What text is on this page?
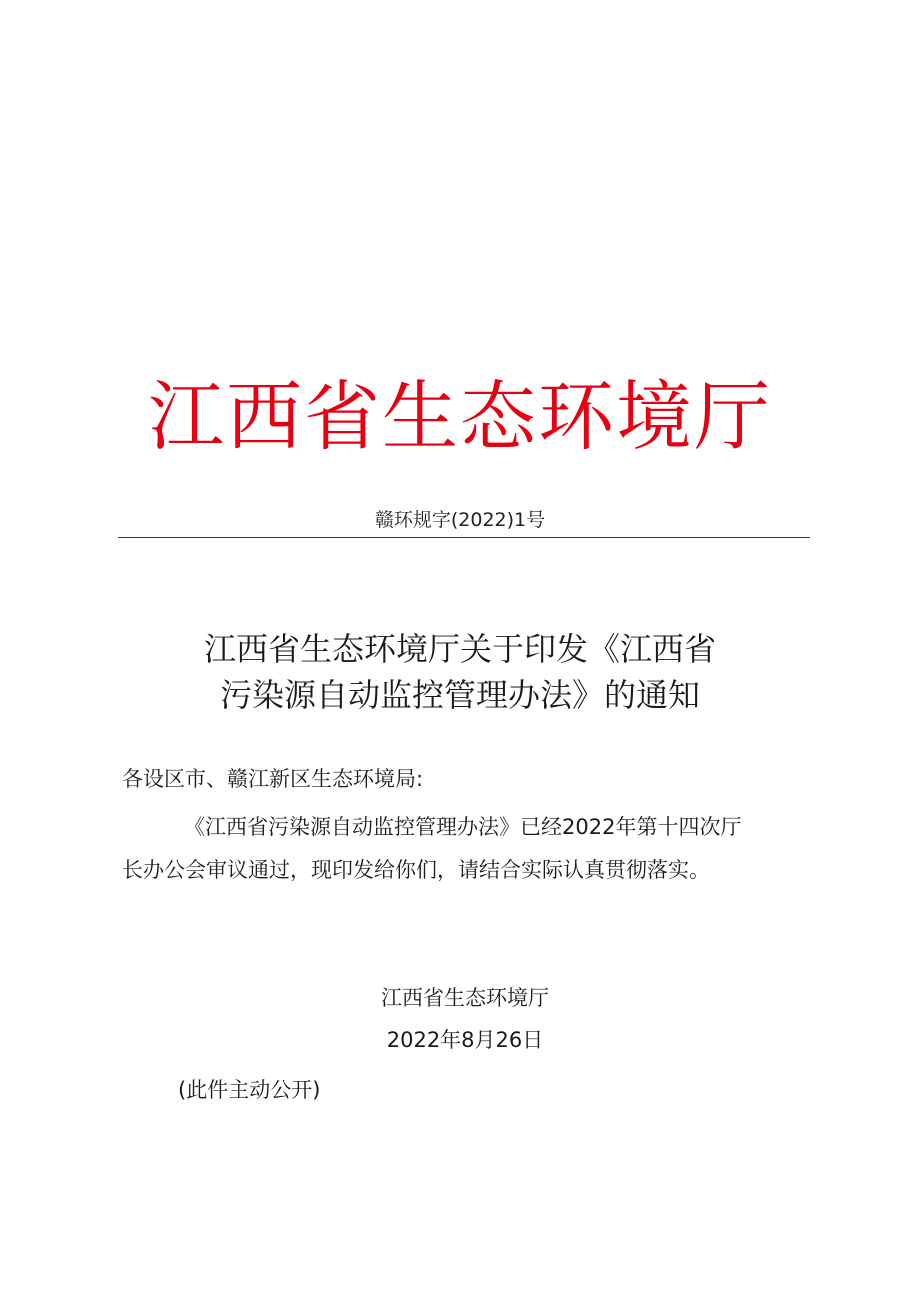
江西省生态环境厅
赣环规字(2022)1号
江西省生态环境厅关于印发《江西省
污染源自动监控管理办法》的通知
各设区市、赣江新区生态环境局:
《江西省污染源自动监控管理办法》已经2022年第十四次厅
长办公会审议通过，现印发给你们，请结合实际认真贯彻落实。
江西省生态环境厅
2022年8月26日
(此件主动公开)
